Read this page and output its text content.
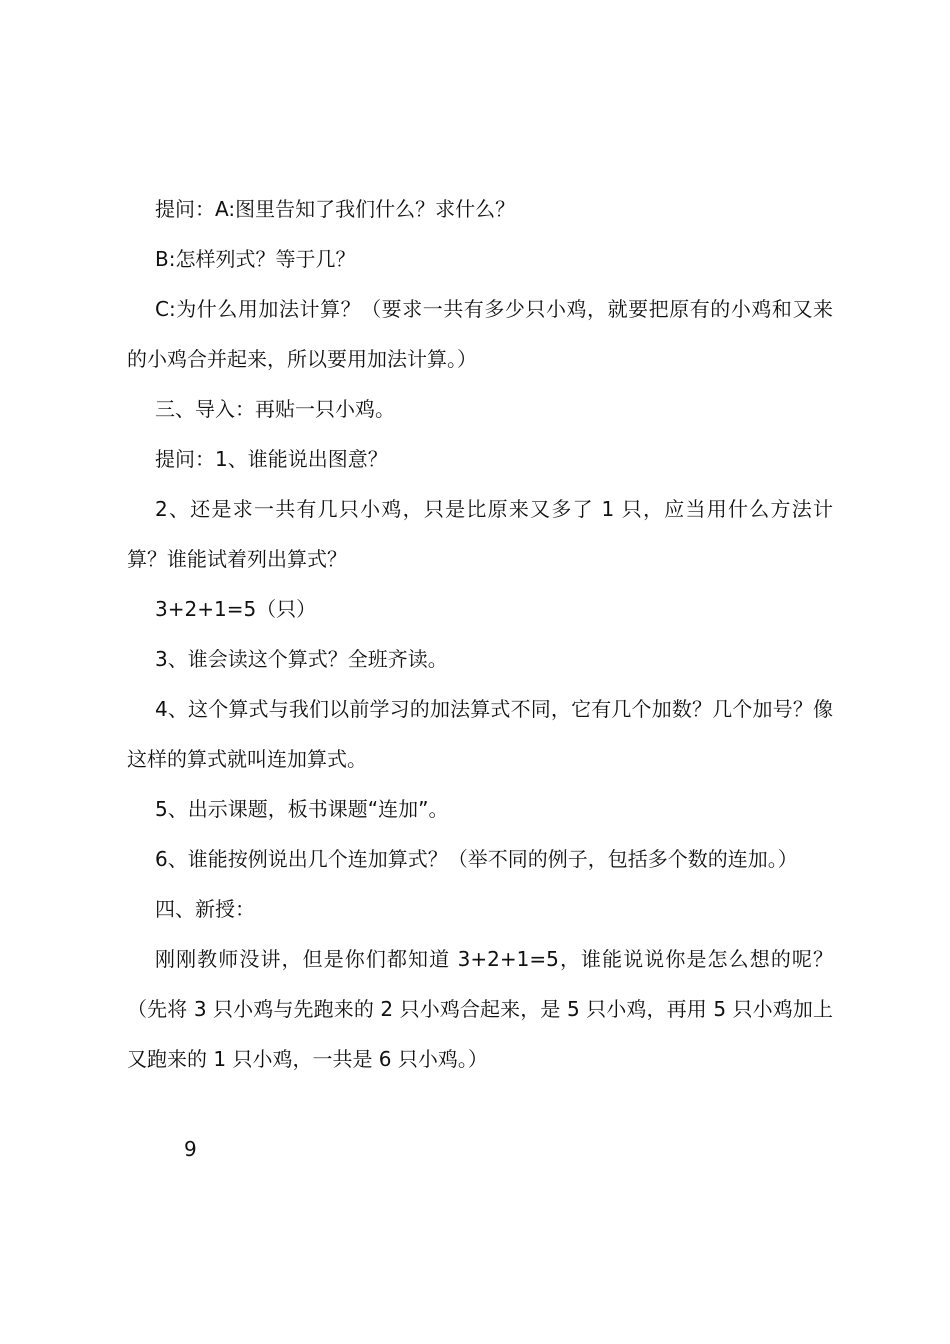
提问：A:图里告知了我们什么？求什么？

B:怎样列式？等于几？

C:为什么用加法计算？（要求一共有多少只小鸡，就要把原有的小鸡和又来的小鸡合并起来，所以要用加法计算。）

三、导入：再贴一只小鸡。

提问：1、谁能说出图意？

2、还是求一共有几只小鸡，只是比原来又多了 1 只，应当用什么方法计算？谁能试着列出算式？

3+2+1=5（只）

3、谁会读这个算式？全班齐读。

4、这个算式与我们以前学习的加法算式不同，它有几个加数？几个加号？像这样的算式就叫连加算式。

5、出示课题，板书课题“连加”。

6、谁能按例说出几个连加算式？（举不同的例子，包括多个数的连加。）

四、新授：

刚刚教师没讲，但是你们都知道 3+2+1=5，谁能说说你是怎么想的呢？（先将 3 只小鸡与先跑来的 2 只小鸡合起来，是 5 只小鸡，再用 5 只小鸡加上又跑来的 1 只小鸡，一共是 6 只小鸡。）

9
